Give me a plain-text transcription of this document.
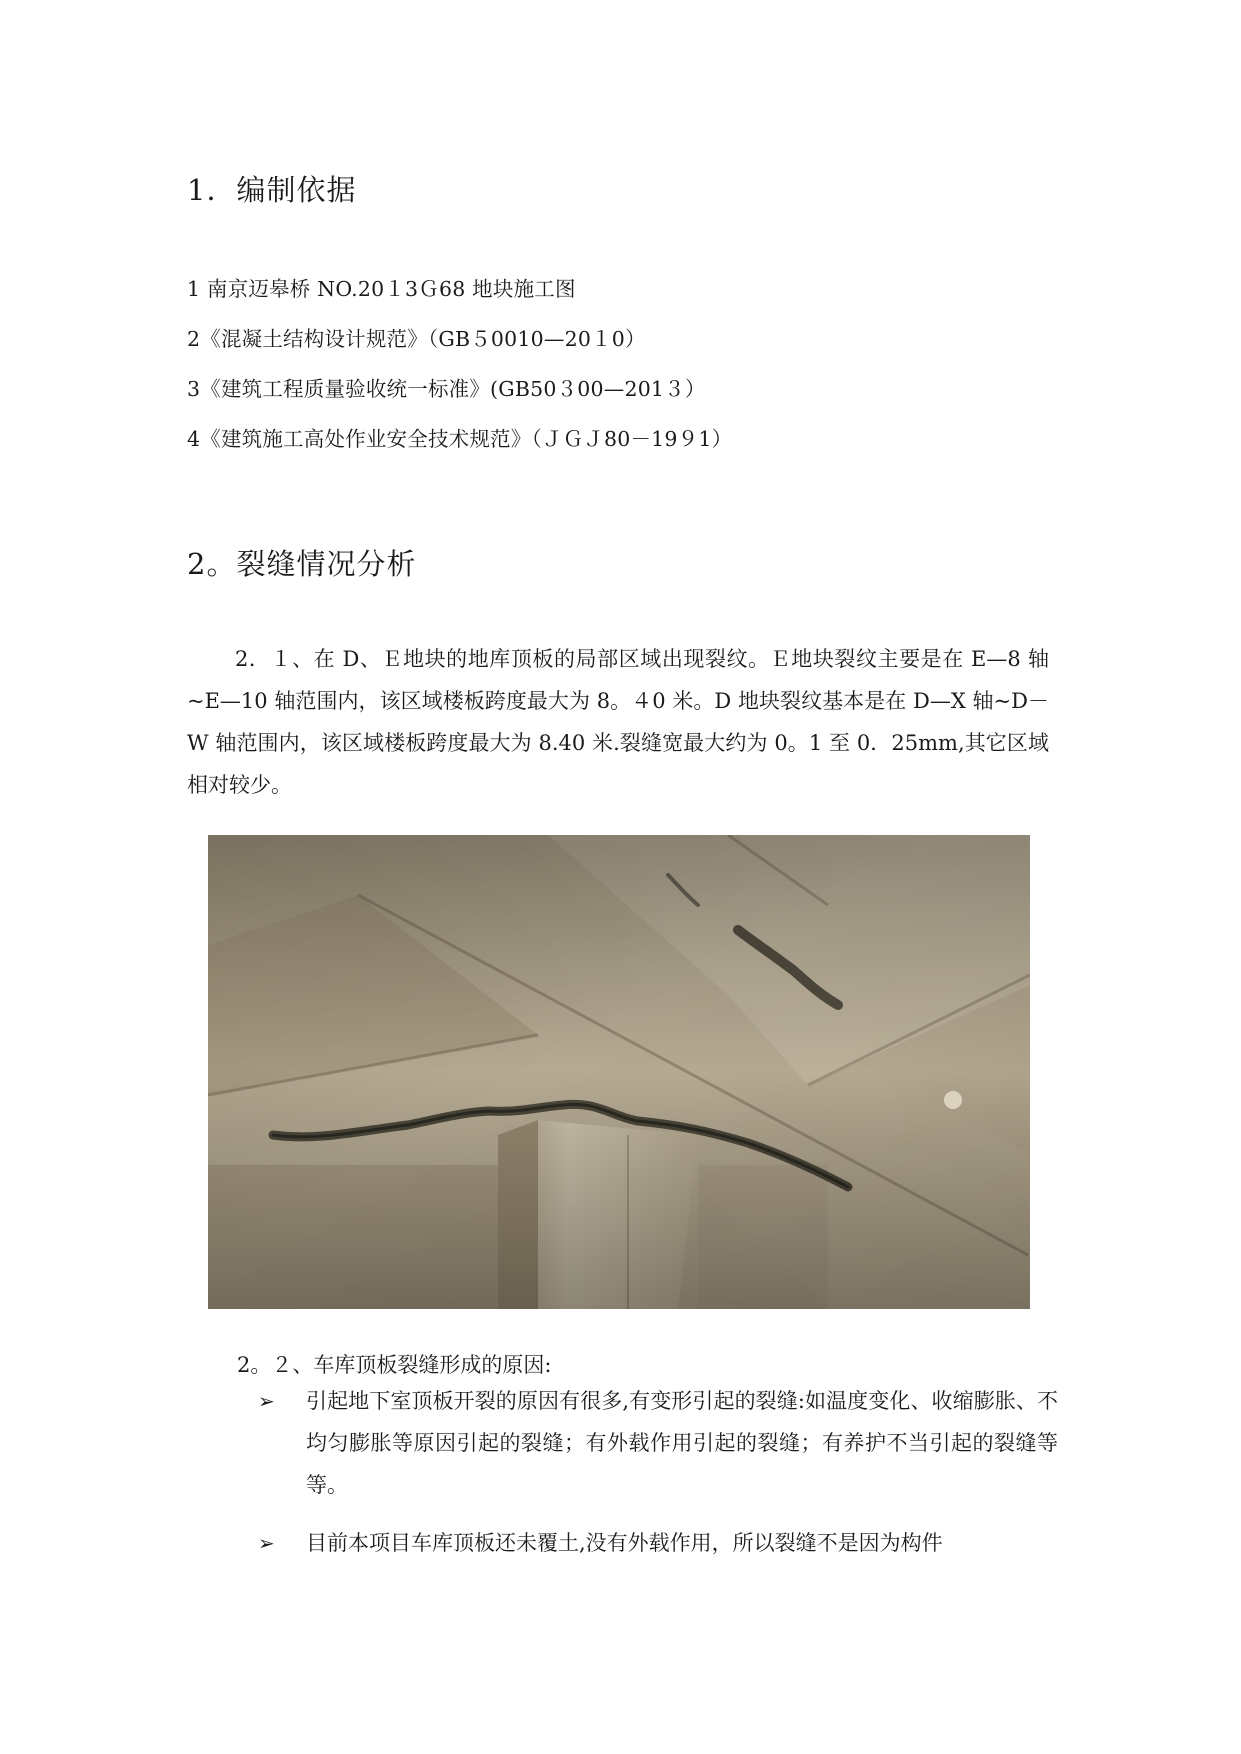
1．编制依据
1 南京迈皋桥 NO.20１3Ｇ68 地块施工图
2《混凝土结构设计规范》（GB５0010—20１0）
3《建筑工程质量验收统一标准》(GB50３00—201３）
4《建筑施工高处作业安全技术规范》（ＪＧＪ80－19９1）
2。裂缝情况分析

2．１、在 D、Ｅ地块的地库顶板的局部区域出现裂纹。Ｅ地块裂纹主要是在 E—8 轴~E—10 轴范围内，该区域楼板跨度最大为 8。４0 米。D 地块裂纹基本是在 D—X 轴~D－W 轴范围内，该区域楼板跨度最大为 8.40 米.裂缝宽最大约为 0。1 至 0．25mm,其它区域相对较少。

2。２、车库顶板裂缝形成的原因:
➢ 引起地下室顶板开裂的原因有很多,有变形引起的裂缝:如温度变化、收缩膨胀、不均匀膨胀等原因引起的裂缝；有外载作用引起的裂缝；有养护不当引起的裂缝等等。
➢ 目前本项目车库顶板还未覆土,没有外载作用，所以裂缝不是因为构件
